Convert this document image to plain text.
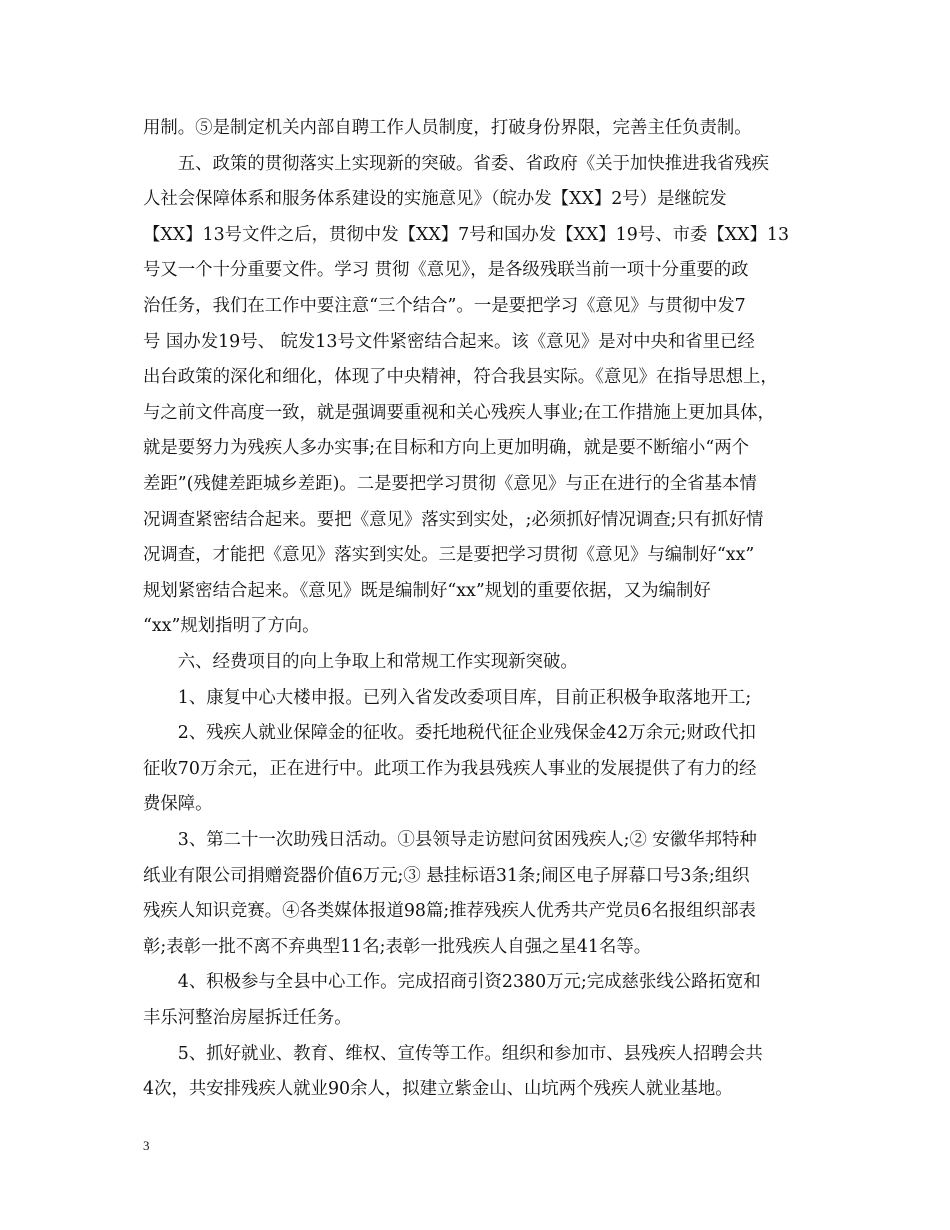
用制。⑤是制定机关内部自聘工作人员制度，打破身份界限，完善主任负责制。
　　五、政策的贯彻落实上实现新的突破。省委、省政府《关于加快推进我省残疾
人社会保障体系和服务体系建设的实施意见》（皖办发【XX】2号）是继皖发
【XX】13号文件之后，贯彻中发【XX】7号和国办发【XX】19号、市委【XX】13
号又一个十分重要文件。学习 贯彻《意见》，是各级残联当前一项十分重要的政
治任务，我们在工作中要注意“三个结合”。一是要把学习《意见》与贯彻中发7
号 国办发19号、 皖发13号文件紧密结合起来。该《意见》是对中央和省里已经
出台政策的深化和细化，体现了中央精神，符合我县实际。《意见》在指导思想上，
与之前文件高度一致，就是强调要重视和关心残疾人事业;在工作措施上更加具体，
就是要努力为残疾人多办实事;在目标和方向上更加明确，就是要不断缩小“两个
差距”(残健差距城乡差距)。二是要把学习贯彻《意见》与正在进行的全省基本情
况调查紧密结合起来。要把《意见》落实到实处，;必须抓好情况调查;只有抓好情
况调查，才能把《意见》落实到实处。三是要把学习贯彻《意见》与编制好“xx”
规划紧密结合起来。《意见》既是编制好“xx”规划的重要依据，又为编制好
“xx”规划指明了方向。
　　六、经费项目的向上争取上和常规工作实现新突破。
　　1、康复中心大楼申报。已列入省发改委项目库，目前正积极争取落地开工;
　　2、残疾人就业保障金的征收。委托地税代征企业残保金42万余元;财政代扣
征收70万余元，正在进行中。此项工作为我县残疾人事业的发展提供了有力的经
费保障。
　　3、第二十一次助残日活动。①县领导走访慰问贫困残疾人;② 安徽华邦特种
纸业有限公司捐赠瓷器价值6万元;③ 悬挂标语31条;闹区电子屏幕口号3条;组织
残疾人知识竞赛。④各类媒体报道98篇;推荐残疾人优秀共产党员6名报组织部表
彰;表彰一批不离不弃典型11名;表彰一批残疾人自强之星41名等。
　　4、积极参与全县中心工作。完成招商引资2380万元;完成慈张线公路拓宽和
丰乐河整治房屋拆迁任务。
　　5、抓好就业、教育、维权、宣传等工作。组织和参加市、县残疾人招聘会共
4次，共安排残疾人就业90余人，拟建立紫金山、山坑两个残疾人就业基地。
3
